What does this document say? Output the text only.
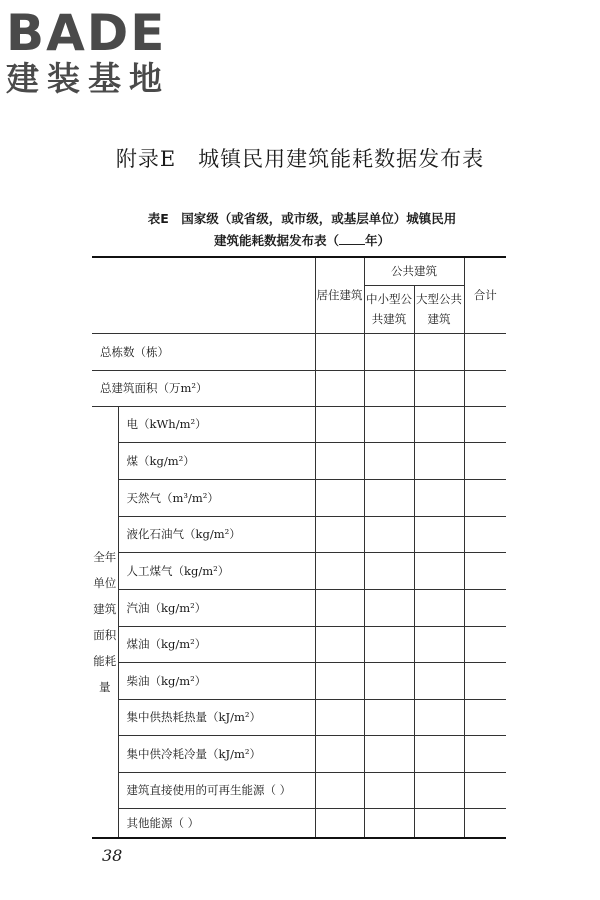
BADE
建装基地
附录E　城镇民用建筑能耗数据发布表
表E　国家级（或省级，或市级，或基层单位）城镇民用
建筑能耗数据发布表（ 年）
		居住建筑	公共建筑		合计
			中小型公共建筑	大型公共建筑	
总栋数（栋）					
总建筑面积（万m²）					
全年单位建筑面积能耗量	电（kWh/m²）				
	煤（kg/m²）				
	天然气（m³/m²）				
	液化石油气（kg/m²）				
	人工煤气（kg/m²）				
	汽油（kg/m²）				
	煤油（kg/m²）				
	柴油（kg/m²）				
	集中供热耗热量（kJ/m²）				
	集中供冷耗冷量（kJ/m²）				
	建筑直接使用的可再生能源（ ）				
	其他能源（ ）				
38
